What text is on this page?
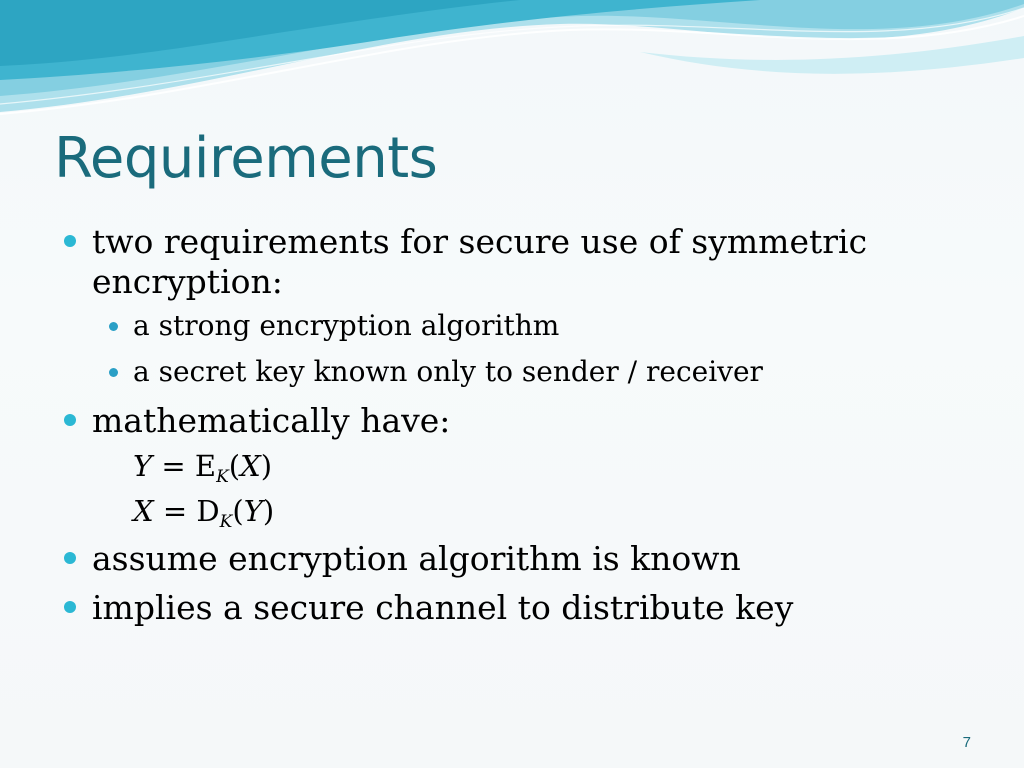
Requirements
two requirements for secure use of symmetric
encryption:
a strong encryption algorithm
a secret key known only to sender / receiver
mathematically have:
$Y = E_K(X)$
$X = D_K(Y)$
assume encryption algorithm is known
implies a secure channel to distribute key
7
